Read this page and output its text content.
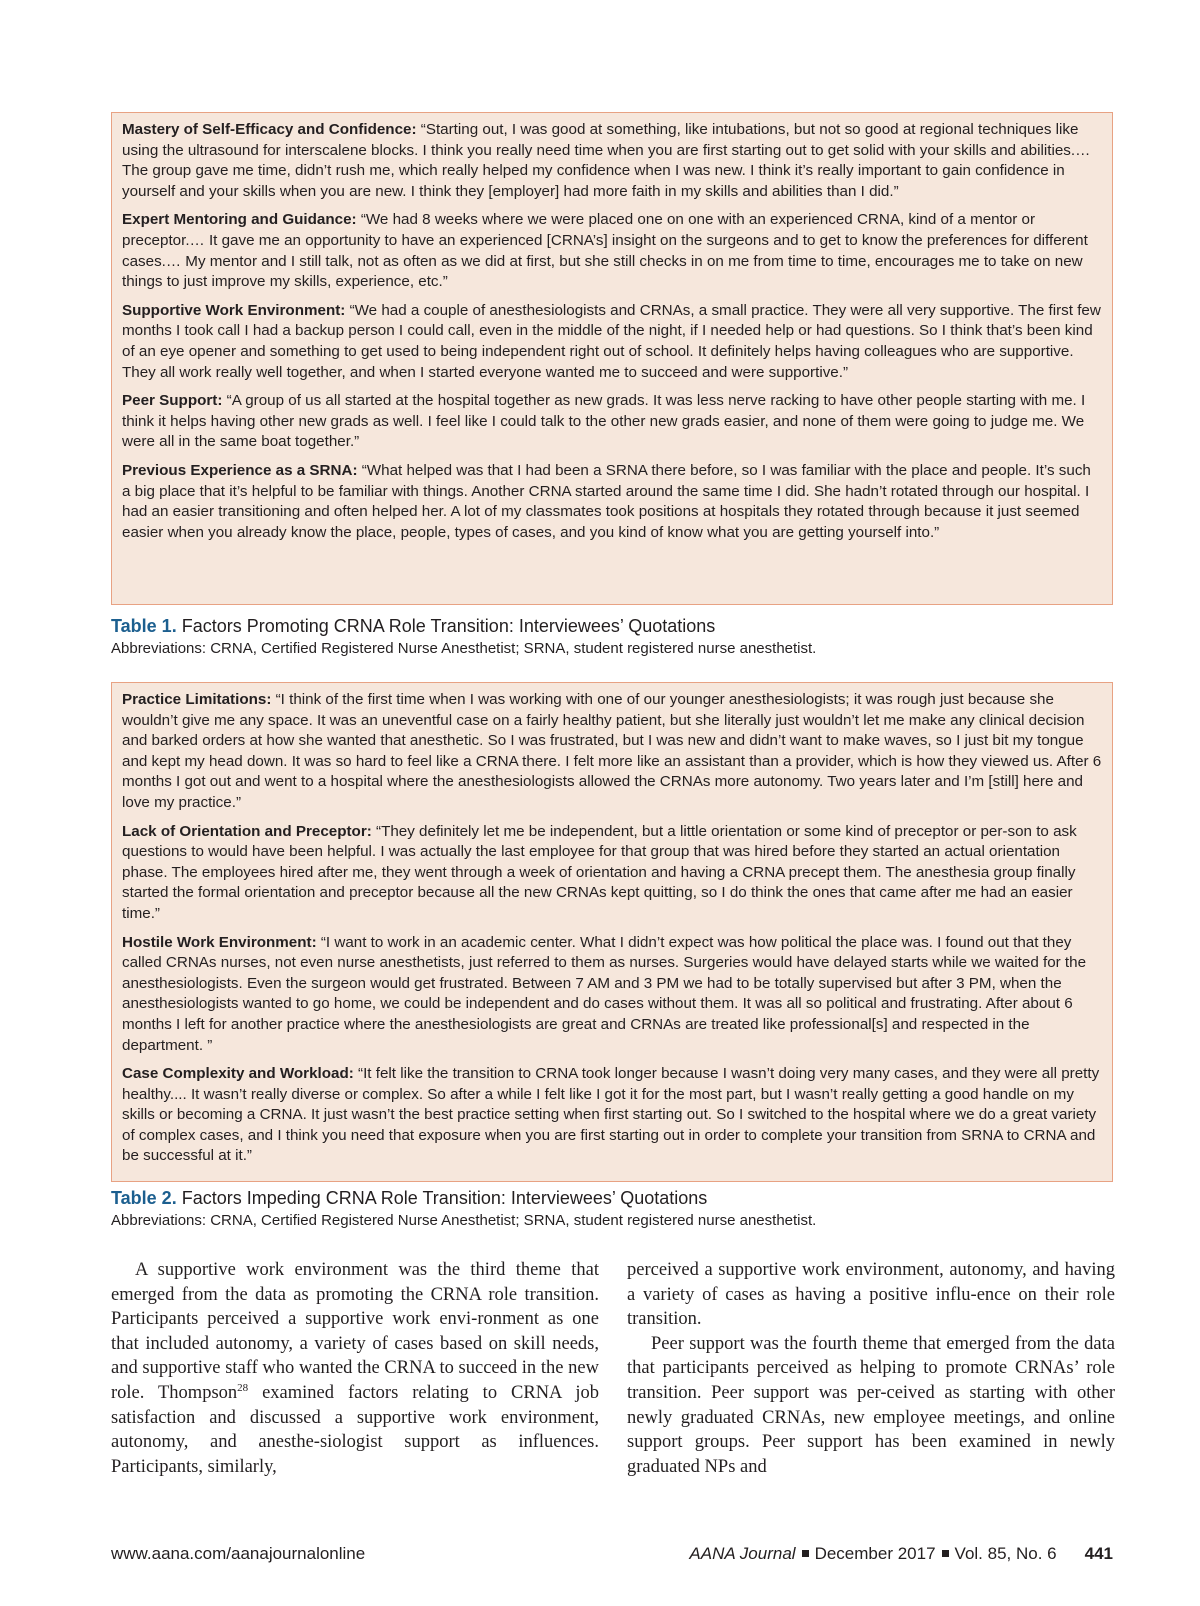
Mastery of Self-Efficacy and Confidence: “Starting out, I was good at something, like intubations, but not so good at regional techniques like using the ultrasound for interscalene blocks. I think you really need time when you are first starting out to get solid with your skills and abilities.… The group gave me time, didn’t rush me, which really helped my confidence when I was new. I think it’s really important to gain confidence in yourself and your skills when you are new. I think they [employer] had more faith in my skills and abilities than I did.”

Expert Mentoring and Guidance: “We had 8 weeks where we were placed one on one with an experienced CRNA, kind of a mentor or preceptor.… It gave me an opportunity to have an experienced [CRNA’s] insight on the surgeons and to get to know the preferences for different cases.… My mentor and I still talk, not as often as we did at first, but she still checks in on me from time to time, encourages me to take on new things to just improve my skills, experience, etc.”

Supportive Work Environment: “We had a couple of anesthesiologists and CRNAs, a small practice. They were all very supportive. The first few months I took call I had a backup person I could call, even in the middle of the night, if I needed help or had questions. So I think that’s been kind of an eye opener and something to get used to being independent right out of school. It definitely helps having colleagues who are supportive. They all work really well together, and when I started everyone wanted me to succeed and were supportive.”

Peer Support: “A group of us all started at the hospital together as new grads. It was less nerve racking to have other people starting with me. I think it helps having other new grads as well. I feel like I could talk to the other new grads easier, and none of them were going to judge me. We were all in the same boat together.”

Previous Experience as a SRNA: “What helped was that I had been a SRNA there before, so I was familiar with the place and people. It’s such a big place that it’s helpful to be familiar with things. Another CRNA started around the same time I did. She hadn’t rotated through our hospital. I had an easier transitioning and often helped her. A lot of my classmates took positions at hospitals they rotated through because it just seemed easier when you already know the place, people, types of cases, and you kind of know what you are getting yourself into.”

Table 1. Factors Promoting CRNA Role Transition: Interviewees’ Quotations
Abbreviations: CRNA, Certified Registered Nurse Anesthetist; SRNA, student registered nurse anesthetist.

Practice Limitations: “I think of the first time when I was working with one of our younger anesthesiologists; it was rough just because she wouldn’t give me any space. It was an uneventful case on a fairly healthy patient, but she literally just wouldn’t let me make any clinical decision and barked orders at how she wanted that anesthetic. So I was frustrated, but I was new and didn’t want to make waves, so I just bit my tongue and kept my head down. It was so hard to feel like a CRNA there. I felt more like an assistant than a provider, which is how they viewed us. After 6 months I got out and went to a hospital where the anesthesiologists allowed the CRNAs more autonomy. Two years later and I’m [still] here and love my practice.”

Lack of Orientation and Preceptor: “They definitely let me be independent, but a little orientation or some kind of preceptor or per-son to ask questions to would have been helpful. I was actually the last employee for that group that was hired before they started an actual orientation phase. The employees hired after me, they went through a week of orientation and having a CRNA precept them. The anesthesia group finally started the formal orientation and preceptor because all the new CRNAs kept quitting, so I do think the ones that came after me had an easier time.”

Hostile Work Environment: “I want to work in an academic center. What I didn’t expect was how political the place was. I found out that they called CRNAs nurses, not even nurse anesthetists, just referred to them as nurses. Surgeries would have delayed starts while we waited for the anesthesiologists. Even the surgeon would get frustrated. Between 7 AM and 3 PM we had to be totally supervised but after 3 PM, when the anesthesiologists wanted to go home, we could be independent and do cases without them. It was all so political and frustrating. After about 6 months I left for another practice where the anesthesiologists are great and CRNAs are treated like professional[s] and respected in the department. ”

Case Complexity and Workload: “It felt like the transition to CRNA took longer because I wasn’t doing very many cases, and they were all pretty healthy.... It wasn’t really diverse or complex. So after a while I felt like I got it for the most part, but I wasn’t really getting a good handle on my skills or becoming a CRNA. It just wasn’t the best practice setting when first starting out. So I switched to the hospital where we do a great variety of complex cases, and I think you need that exposure when you are first starting out in order to complete your transition from SRNA to CRNA and be successful at it.”

Table 2. Factors Impeding CRNA Role Transition: Interviewees’ Quotations
Abbreviations: CRNA, Certified Registered Nurse Anesthetist; SRNA, student registered nurse anesthetist.

A supportive work environment was the third theme that emerged from the data as promoting the CRNA role transition. Participants perceived a supportive work envi-ronment as one that included autonomy, a variety of cases based on skill needs, and supportive staff who wanted the CRNA to succeed in the new role. Thompson$^{28}$ examined factors relating to CRNA job satisfaction and discussed a supportive work environment, autonomy, and anesthe-siologist support as influences. Participants, similarly,

perceived a supportive work environment, autonomy, and having a variety of cases as having a positive influ-ence on their role transition.

Peer support was the fourth theme that emerged from the data that participants perceived as helping to promote CRNAs’ role transition. Peer support was per-ceived as starting with other newly graduated CRNAs, new employee meetings, and online support groups. Peer support has been examined in newly graduated NPs and

www.aana.com/aanajournalonline	AANA Journal December 2017 Vol. 85, No. 6 441
